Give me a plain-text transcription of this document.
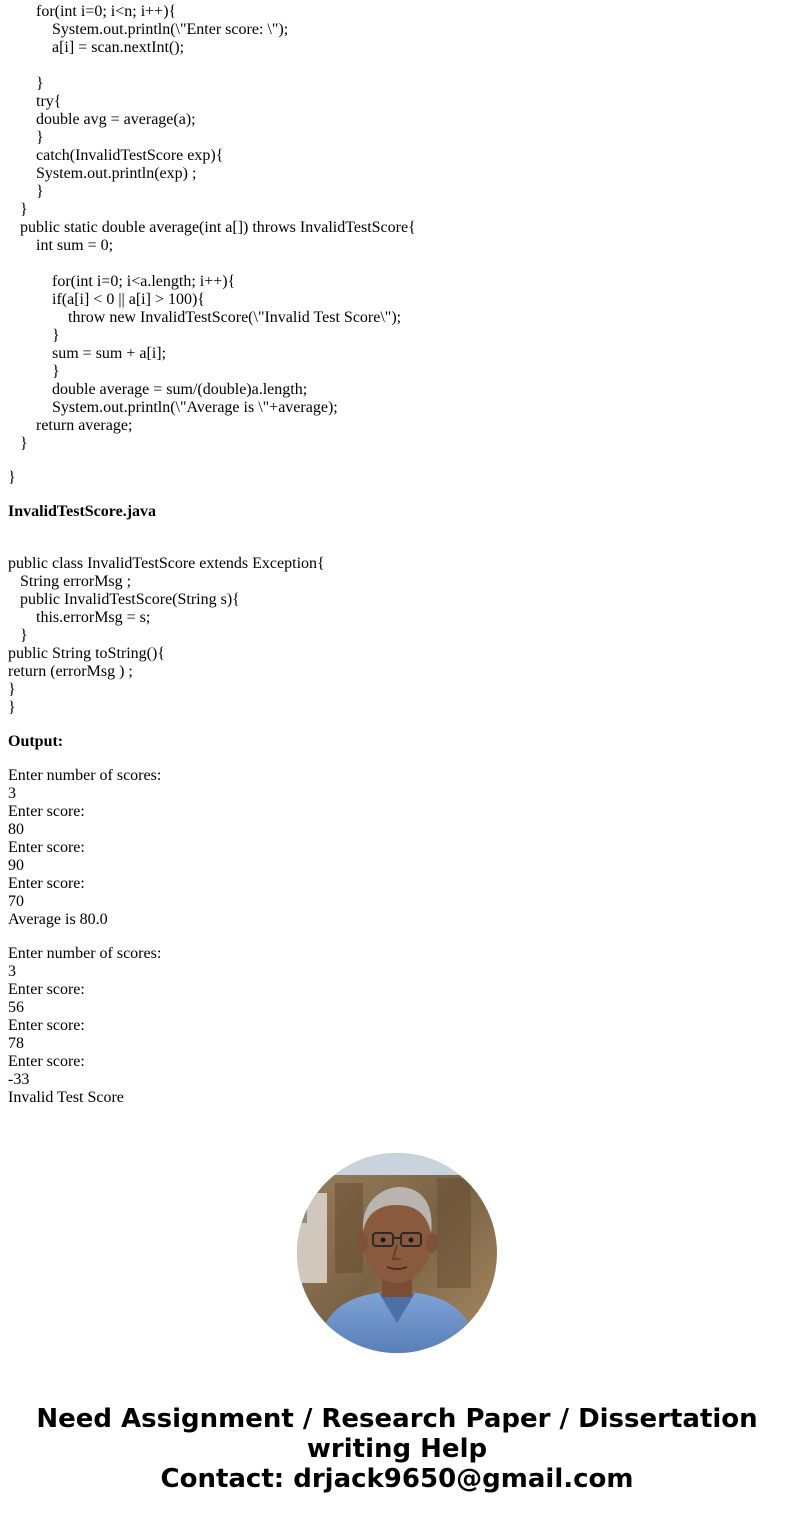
for(int i=0; i<n; i++){
System.out.println(\"Enter score: \");
a[i] = scan.nextInt();
}
try{
double avg = average(a);
}
catch(InvalidTestScore exp){
System.out.println(exp) ;
}
}
public static double average(int a[]) throws InvalidTestScore{
int sum = 0;
for(int i=0; i<a.length; i++){
if(a[i] < 0 || a[i] > 100){
throw new InvalidTestScore(\"Invalid Test Score\");
}
sum = sum + a[i];
}
double average = sum/(double)a.length;
System.out.println(\"Average is \"+average);
return average;
}
}
InvalidTestScore.java
public class InvalidTestScore extends Exception{
String errorMsg ;
public InvalidTestScore(String s){
this.errorMsg = s;
}
public String toString(){
return (errorMsg ) ;
}
}
Output:
Enter number of scores:
3
Enter score:
80
Enter score:
90
Enter score:
70
Average is 80.0
Enter number of scores:
3
Enter score:
56
Enter score:
78
Enter score:
-33
Invalid Test Score
Need Assignment / Research Paper / Dissertation
writing Help
Contact: drjack9650@gmail.com
